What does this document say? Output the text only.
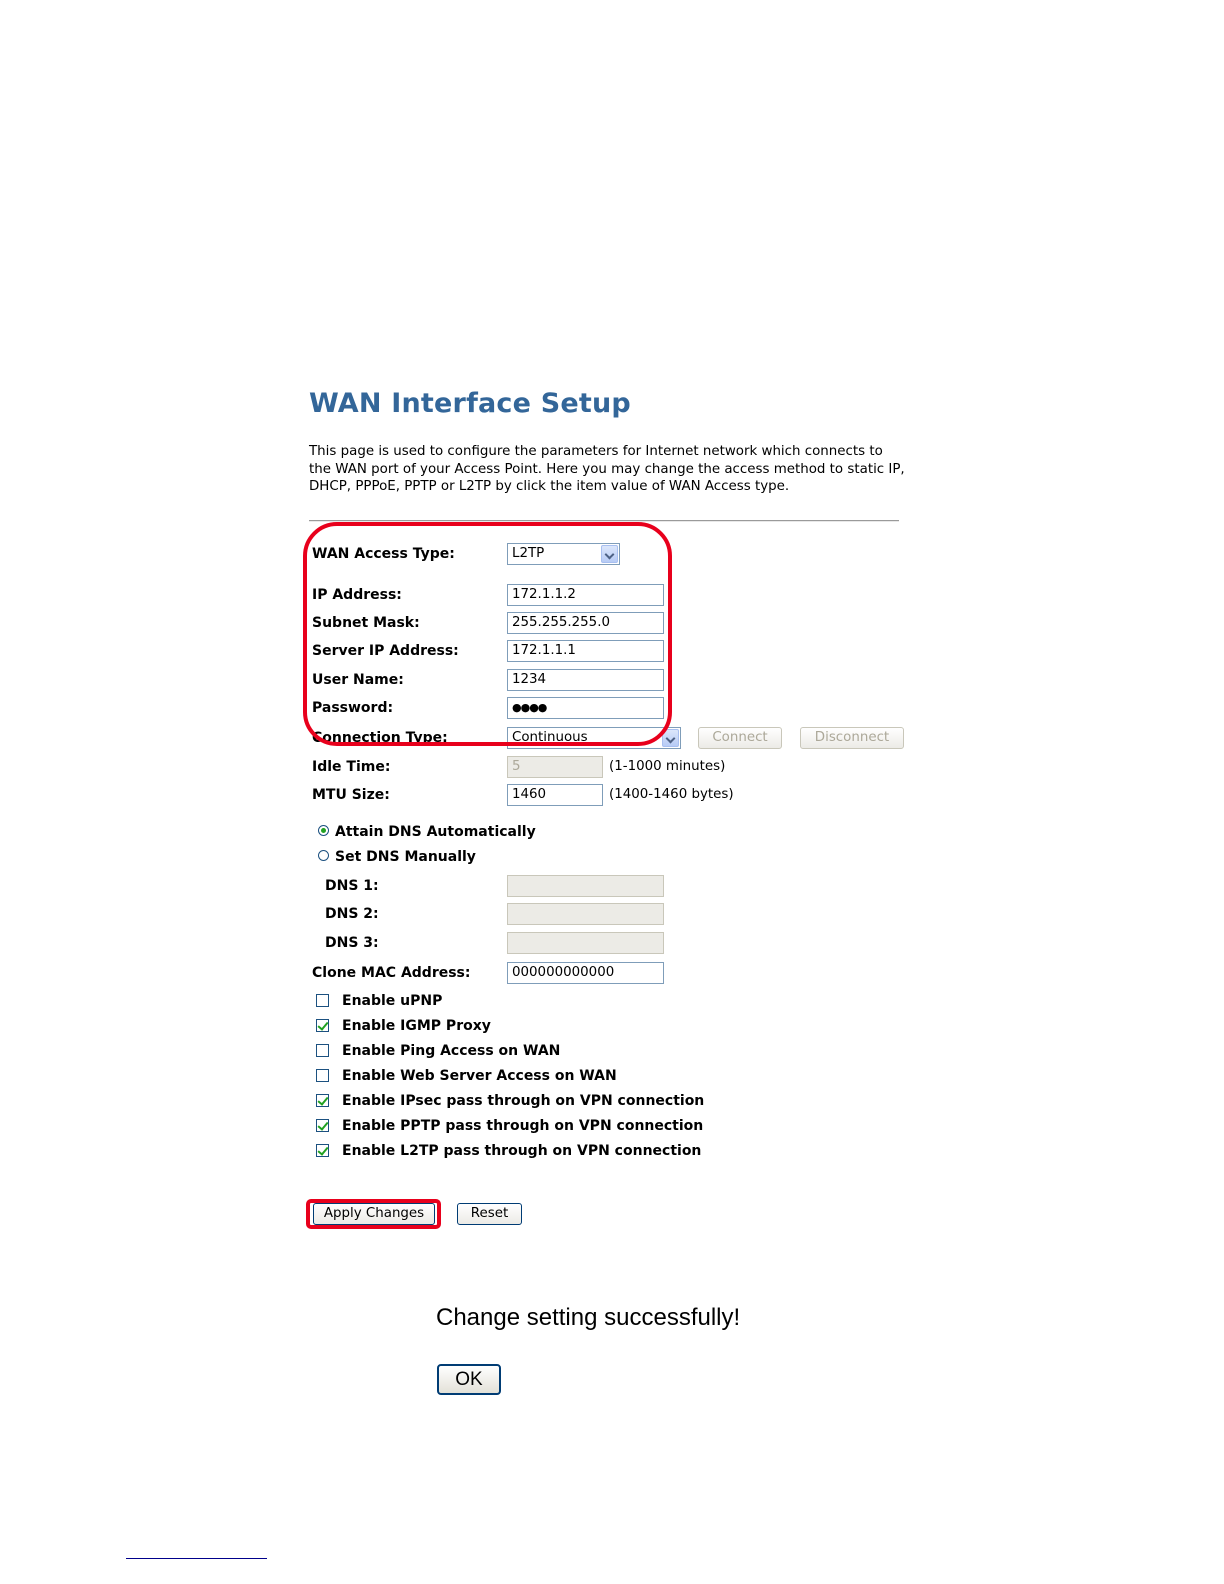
WAN Interface Setup
This page is used to configure the parameters for Internet network which connects to the WAN port of your Access Point. Here you may change the access method to static IP, DHCP, PPPoE, PPTP or L2TP by click the item value of WAN Access type.
WAN Access Type:	L2TP
IP Address:	172.1.1.2
Subnet Mask:	255.255.255.0
Server IP Address:	172.1.1.1
User Name:	1234
Password:	●●●●
Connection Type:	Continuous	Connect	Disconnect
Idle Time:	5	(1-1000 minutes)
MTU Size:	1460	(1400-1460 bytes)
Attain DNS Automatically
Set DNS Manually
DNS 1:
DNS 2:
DNS 3:
Clone MAC Address:	000000000000
Enable uPNP
Enable IGMP Proxy
Enable Ping Access on WAN
Enable Web Server Access on WAN
Enable IPsec pass through on VPN connection
Enable PPTP pass through on VPN connection
Enable L2TP pass through on VPN connection
Apply Changes	Reset
Change setting successfully!
OK
